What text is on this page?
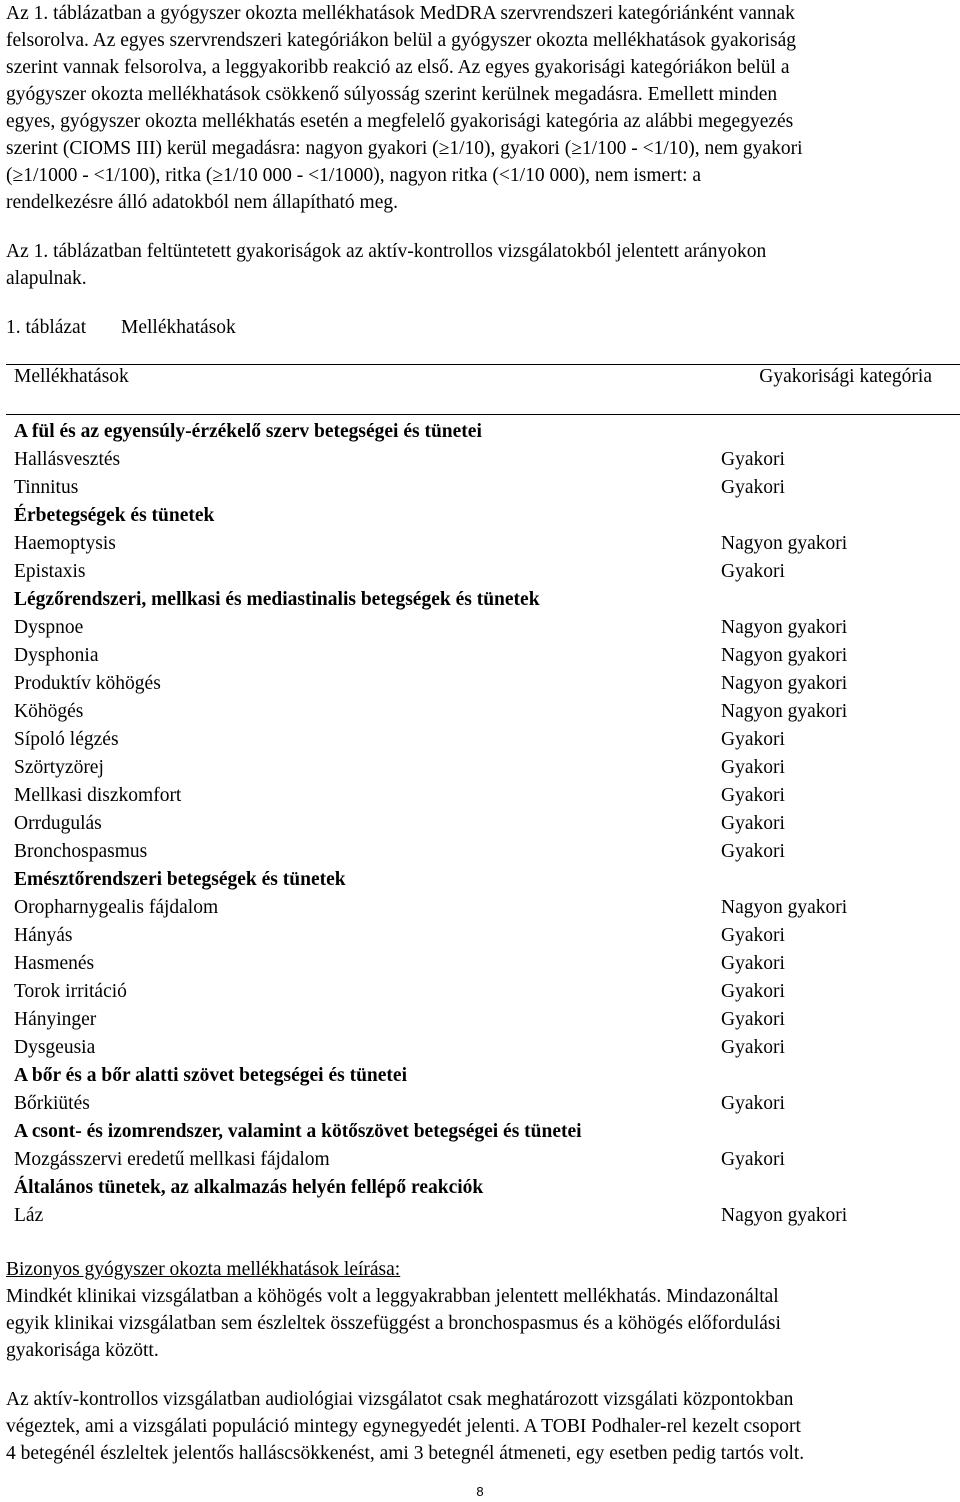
Az 1. táblázatban a gyógyszer okozta mellékhatások MedDRA szervrendszeri kategóriánként vannak

felsorolva. Az egyes szervrendszeri kategóriákon belül a gyógyszer okozta mellékhatások gyakoriság

szerint vannak felsorolva, a leggyakoribb reakció az első. Az egyes gyakorisági kategóriákon belül a

gyógyszer okozta mellékhatások csökkenő súlyosság szerint kerülnek megadásra. Emellett minden

egyes, gyógyszer okozta mellékhatás esetén a megfelelő gyakorisági kategória az alábbi megegyezés

szerint (CIOMS III) kerül megadásra: nagyon gyakori (≥1/10), gyakori (≥1/100 - <1/10), nem gyakori

(≥1/1000 - <1/100), ritka (≥1/10 000 - <1/1000), nagyon ritka (<1/10 000), nem ismert: a

rendelkezésre álló adatokból nem állapítható meg.

Az 1. táblázatban feltüntetett gyakoriságok az aktív-kontrollos vizsgálatokból jelentett arányokon

alapulnak.

1. táblázat Mellékhatások

Mellékhatások	Gyakorisági kategória
A fül és az egyensúly-érzékelő szerv betegségei és tünetei
Hallásvesztés	Gyakori
Tinnitus	Gyakori
Érbetegségek és tünetek
Haemoptysis	Nagyon gyakori
Epistaxis	Gyakori
Légzőrendszeri, mellkasi és mediastinalis betegségek és tünetek
Dyspnoe	Nagyon gyakori
Dysphonia	Nagyon gyakori
Produktív köhögés	Nagyon gyakori
Köhögés	Nagyon gyakori
Sípoló légzés	Gyakori
Szörtyzörej	Gyakori
Mellkasi diszkomfort	Gyakori
Orrdugulás	Gyakori
Bronchospasmus	Gyakori
Emésztőrendszeri betegségek és tünetek
Oropharnygealis fájdalom	Nagyon gyakori
Hányás	Gyakori
Hasmenés	Gyakori
Torok irritáció	Gyakori
Hányinger	Gyakori
Dysgeusia	Gyakori
A bőr és a bőr alatti szövet betegségei és tünetei
Bőrkiütés	Gyakori
A csont- és izomrendszer, valamint a kötőszövet betegségei és tünetei
Mozgásszervi eredetű mellkasi fájdalom	Gyakori
Általános tünetek, az alkalmazás helyén fellépő reakciók
Láz	Nagyon gyakori

Bizonyos gyógyszer okozta mellékhatások leírása:

Mindkét klinikai vizsgálatban a köhögés volt a leggyakrabban jelentett mellékhatás. Mindazonáltal

egyik klinikai vizsgálatban sem észleltek összefüggést a bronchospasmus és a köhögés előfordulási

gyakorisága között.

Az aktív-kontrollos vizsgálatban audiológiai vizsgálatot csak meghatározott vizsgálati központokban

végeztek, ami a vizsgálati populáció mintegy egynegyedét jelenti. A TOBI Podhaler-rel kezelt csoport

4 betegénél észleltek jelentős halláscsökkenést, ami 3 betegnél átmeneti, egy esetben pedig tartós volt.

8
